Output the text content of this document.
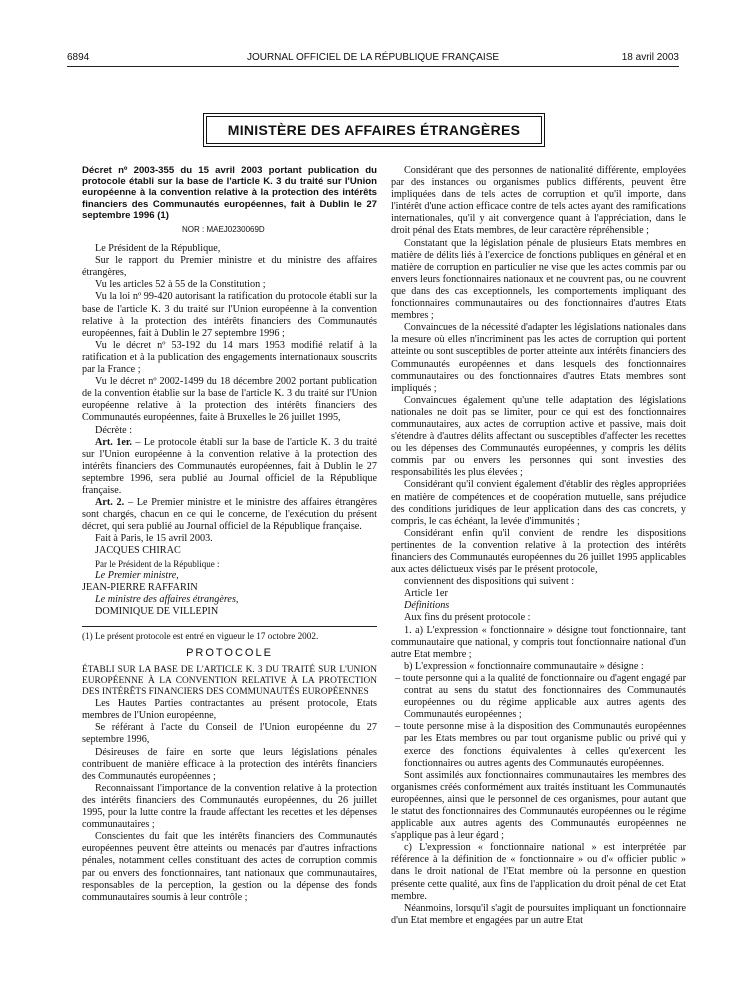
6894	JOURNAL OFFICIEL DE LA RÉPUBLIQUE FRANÇAISE	18 avril 2003
MINISTÈRE DES AFFAIRES ÉTRANGÈRES

Décret nº 2003-355 du 15 avril 2003 portant publication du protocole établi sur la base de l'article K. 3 du traité sur l'Union européenne à la convention relative à la protection des intérêts financiers des Communautés européennes, fait à Dublin le 27 septembre 1996 (1)

NOR : MAEJ0230069D

Le Président de la République,

Sur le rapport du Premier ministre et du ministre des affaires étrangères,

Vu les articles 52 à 55 de la Constitution ;

Vu la loi nº 99-420 autorisant la ratification du protocole établi sur la base de l'article K. 3 du traité sur l'Union européenne à la convention relative à la protection des intérêts financiers des Communautés européennes, fait à Dublin le 27 septembre 1996 ;

Vu le décret nº 53-192 du 14 mars 1953 modifié relatif à la ratification et à la publication des engagements internationaux souscrits par la France ;

Vu le décret nº 2002-1499 du 18 décembre 2002 portant publication de la convention établie sur la base de l'article K. 3 du traité sur l'Union européenne relative à la protection des intérêts financiers des Communautés européennes, faite à Bruxelles le 26 juillet 1995,

Décrète :

Art. 1er. – Le protocole établi sur la base de l'article K. 3 du traité sur l'Union européenne à la convention relative à la protection des intérêts financiers des Communautés européennes, fait à Dublin le 27 septembre 1996, sera publié au Journal officiel de la République française.

Art. 2. – Le Premier ministre et le ministre des affaires étrangères sont chargés, chacun en ce qui le concerne, de l'exécution du présent décret, qui sera publié au Journal officiel de la République française.

Fait à Paris, le 15 avril 2003.

JACQUES CHIRAC

Par le Président de la République :

Le Premier ministre,

JEAN-PIERRE RAFFARIN

Le ministre des affaires étrangères,

DOMINIQUE DE VILLEPIN

(1) Le présent protocole est entré en vigueur le 17 octobre 2002.
PROTOCOLE

ÉTABLI SUR LA BASE DE L'ARTICLE K. 3 DU TRAITÉ SUR L'UNION EUROPÉENNE À LA CONVENTION RELATIVE À LA PROTECTION DES INTÉRÊTS FINANCIERS DES COMMUNAUTÉS EUROPÉENNES

Les Hautes Parties contractantes au présent protocole, Etats membres de l'Union européenne,

Se référant à l'acte du Conseil de l'Union européenne du 27 septembre 1996,

Désireuses de faire en sorte que leurs législations pénales contribuent de manière efficace à la protection des intérêts financiers des Communautés européennes ;

Reconnaissant l'importance de la convention relative à la protection des intérêts financiers des Communautés européennes, du 26 juillet 1995, pour la lutte contre la fraude affectant les recettes et les dépenses communautaires ;

Conscientes du fait que les intérêts financiers des Communautés européennes peuvent être atteints ou menacés par d'autres infractions pénales, notamment celles constituant des actes de corruption commis par ou envers des fonctionnaires, tant nationaux que communautaires, responsables de la perception, la gestion ou la dépense des fonds communautaires soumis à leur contrôle ;

Considérant que des personnes de nationalité différente, employées par des instances ou organismes publics différents, peuvent être impliquées dans de tels actes de corruption et qu'il importe, dans l'intérêt d'une action efficace contre de tels actes ayant des ramifications internationales, qu'il y ait convergence quant à l'appréciation, dans le droit pénal des Etats membres, de leur caractère répréhensible ;

Constatant que la législation pénale de plusieurs Etats membres en matière de délits liés à l'exercice de fonctions publiques en général et en matière de corruption en particulier ne vise que les actes commis par ou envers leurs fonctionnaires nationaux et ne couvrent pas, ou ne couvrent que dans des cas exceptionnels, les comportements impliquant des fonctionnaires communautaires ou des fonctionnaires d'autres Etats membres ;

Convaincues de la nécessité d'adapter les législations nationales dans la mesure où elles n'incriminent pas les actes de corruption qui portent atteinte ou sont susceptibles de porter atteinte aux intérêts financiers des Communautés européennes et dans lesquels des fonctionnaires communautaires ou des fonctionnaires d'autres Etats membres sont impliqués ;

Convaincues également qu'une telle adaptation des législations nationales ne doit pas se limiter, pour ce qui est des fonctionnaires communautaires, aux actes de corruption active et passive, mais doit s'étendre à d'autres délits affectant ou susceptibles d'affecter les recettes ou les dépenses des Communautés européennes, y compris les délits commis par ou envers les personnes qui sont investies des responsabilités les plus élevées ;

Considérant qu'il convient également d'établir des règles appropriées en matière de compétences et de coopération mutuelle, sans préjudice des conditions juridiques de leur application dans des cas concrets, y compris, le cas échéant, la levée d'immunités ;

Considérant enfin qu'il convient de rendre les dispositions pertinentes de la convention relative à la protection des intérêts financiers des Communautés européennes du 26 juillet 1995 applicables aux actes délictueux visés par le présent protocole,

conviennent des dispositions qui suivent :

Article 1er

Définitions

Aux fins du présent protocole :

1. a) L'expression « fonctionnaire » désigne tout fonctionnaire, tant communautaire que national, y compris tout fonctionnaire national d'un autre Etat membre ;

b) L'expression « fonctionnaire communautaire » désigne :

– toute personne qui a la qualité de fonctionnaire ou d'agent engagé par contrat au sens du statut des fonctionnaires des Communautés européennes ou du régime applicable aux autres agents des Communautés européennes ;

– toute personne mise à la disposition des Communautés européennes par les Etats membres ou par tout organisme public ou privé qui y exerce des fonctions équivalentes à celles qu'exercent les fonctionnaires ou autres agents des Communautés européennes.

Sont assimilés aux fonctionnaires communautaires les membres des organismes créés conformément aux traités instituant les Communautés européennes, ainsi que le personnel de ces organismes, pour autant que le statut des fonctionnaires des Communautés européennes ou le régime applicable aux autres agents des Communautés européennes ne s'applique pas à leur égard ;

c) L'expression « fonctionnaire national » est interprétée par référence à la définition de « fonctionnaire » ou d'« officier public » dans le droit national de l'Etat membre où la personne en question présente cette qualité, aux fins de l'application du droit pénal de cet Etat membre.

Néanmoins, lorsqu'il s'agit de poursuites impliquant un fonctionnaire d'un Etat membre et engagées par un autre Etat
